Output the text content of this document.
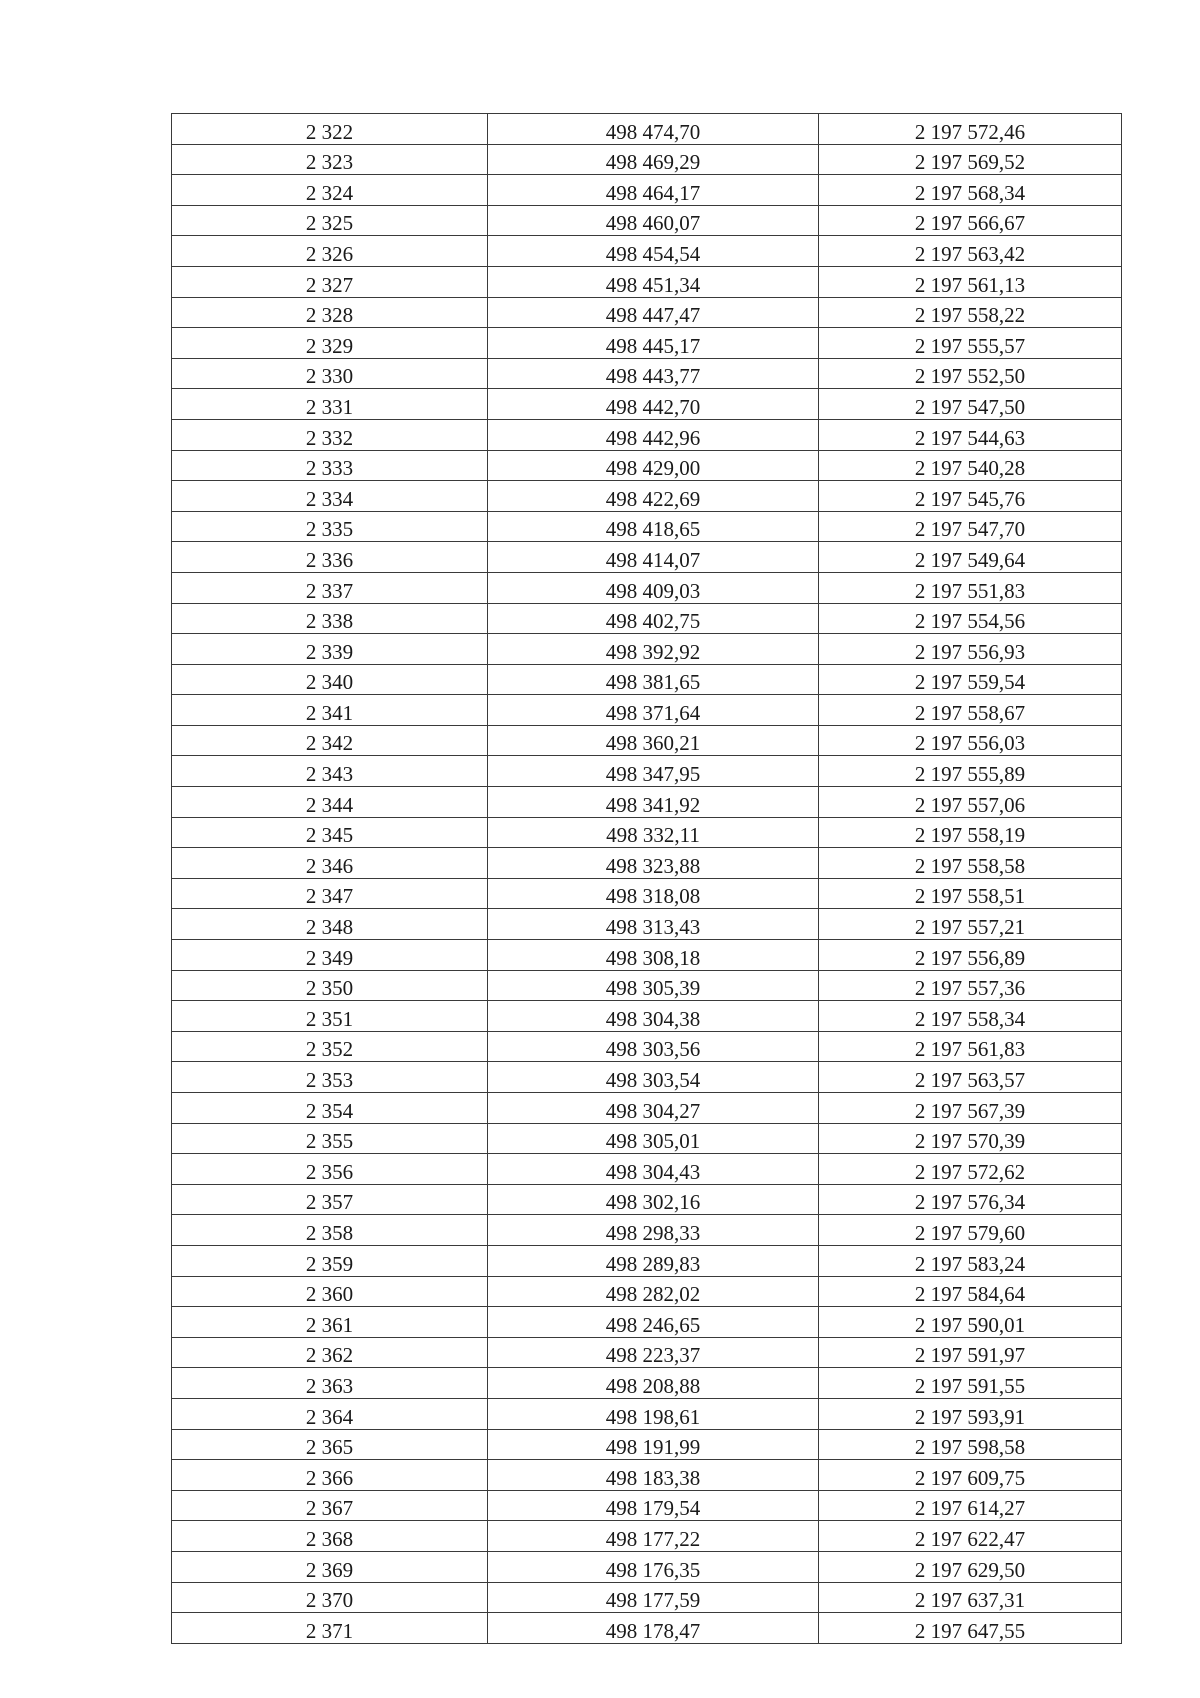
2 322	498 474,70	2 197 572,46
2 323	498 469,29	2 197 569,52
2 324	498 464,17	2 197 568,34
2 325	498 460,07	2 197 566,67
2 326	498 454,54	2 197 563,42
2 327	498 451,34	2 197 561,13
2 328	498 447,47	2 197 558,22
2 329	498 445,17	2 197 555,57
2 330	498 443,77	2 197 552,50
2 331	498 442,70	2 197 547,50
2 332	498 442,96	2 197 544,63
2 333	498 429,00	2 197 540,28
2 334	498 422,69	2 197 545,76
2 335	498 418,65	2 197 547,70
2 336	498 414,07	2 197 549,64
2 337	498 409,03	2 197 551,83
2 338	498 402,75	2 197 554,56
2 339	498 392,92	2 197 556,93
2 340	498 381,65	2 197 559,54
2 341	498 371,64	2 197 558,67
2 342	498 360,21	2 197 556,03
2 343	498 347,95	2 197 555,89
2 344	498 341,92	2 197 557,06
2 345	498 332,11	2 197 558,19
2 346	498 323,88	2 197 558,58
2 347	498 318,08	2 197 558,51
2 348	498 313,43	2 197 557,21
2 349	498 308,18	2 197 556,89
2 350	498 305,39	2 197 557,36
2 351	498 304,38	2 197 558,34
2 352	498 303,56	2 197 561,83
2 353	498 303,54	2 197 563,57
2 354	498 304,27	2 197 567,39
2 355	498 305,01	2 197 570,39
2 356	498 304,43	2 197 572,62
2 357	498 302,16	2 197 576,34
2 358	498 298,33	2 197 579,60
2 359	498 289,83	2 197 583,24
2 360	498 282,02	2 197 584,64
2 361	498 246,65	2 197 590,01
2 362	498 223,37	2 197 591,97
2 363	498 208,88	2 197 591,55
2 364	498 198,61	2 197 593,91
2 365	498 191,99	2 197 598,58
2 366	498 183,38	2 197 609,75
2 367	498 179,54	2 197 614,27
2 368	498 177,22	2 197 622,47
2 369	498 176,35	2 197 629,50
2 370	498 177,59	2 197 637,31
2 371	498 178,47	2 197 647,55
